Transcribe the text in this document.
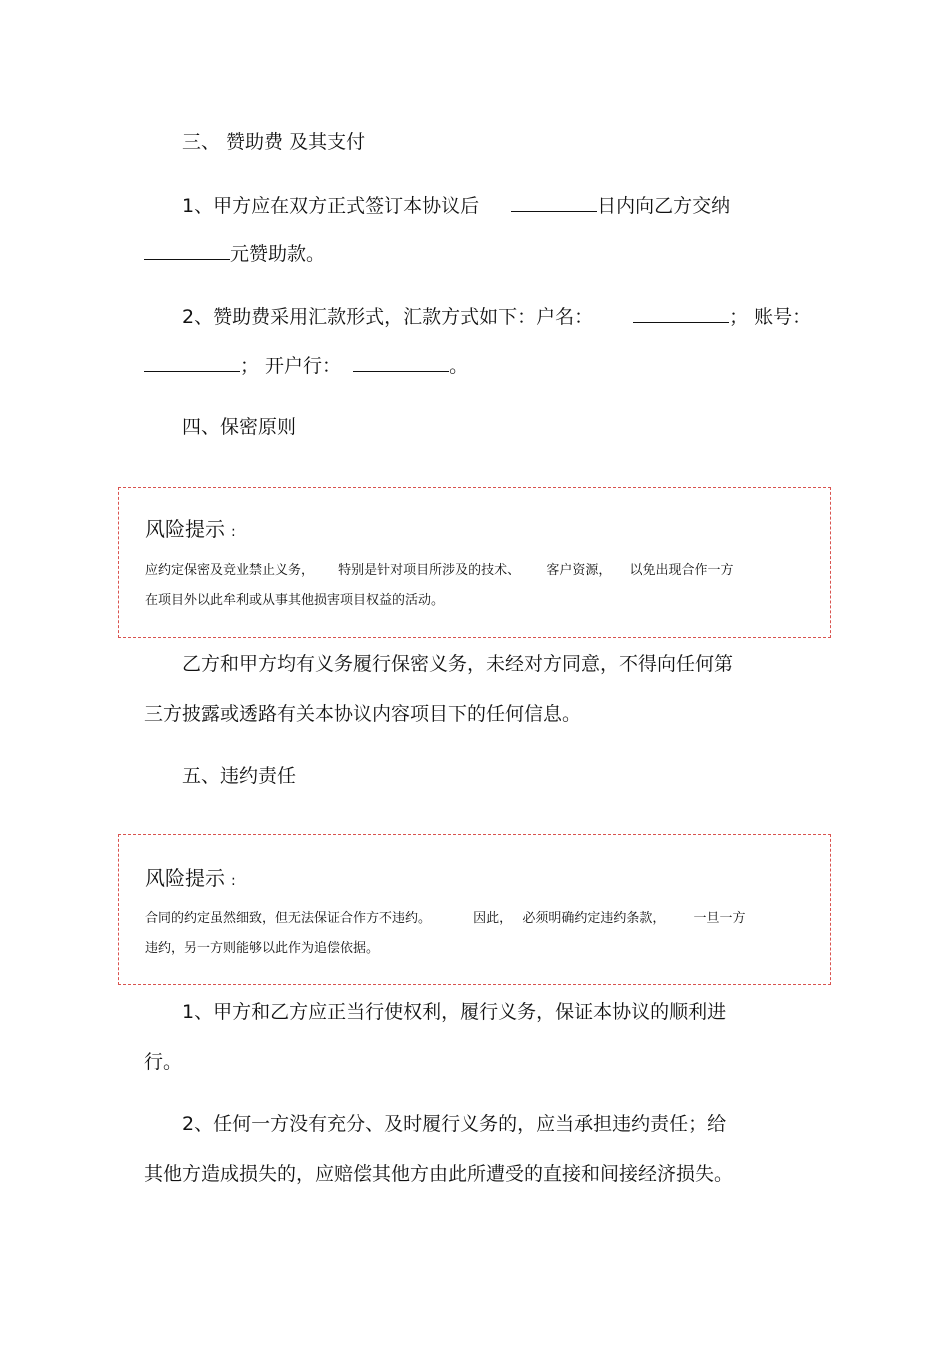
三、 赞助费 及其支付
1、甲方应在双方正式签订本协议后	日内向乙方交纳
元赞助款。
2、赞助费采用汇款形式，汇款方式如下：户名：	； 账号：
； 开户行：	。
四、保密原则
风险提示 :
应约定保密及竞业禁止义务， 特别是针对项目所涉及的技术、 客户资源， 以免出现合作一方
在项目外以此牟利或从事其他损害项目权益的活动。
乙方和甲方均有义务履行保密义务，未经对方同意，不得向任何第
三方披露或透路有关本协议内容项目下的任何信息。
五、违约责任
风险提示 :
合同的约定虽然细致，但无法保证合作方不违约。	因此， 必须明确约定违约条款， 一旦一方
违约，另一方则能够以此作为追偿依据。
1、甲方和乙方应正当行使权利，履行义务，保证本协议的顺利进
行。
2、任何一方没有充分、及时履行义务的，应当承担违约责任；给
其他方造成损失的，应赔偿其他方由此所遭受的直接和间接经济损失。
